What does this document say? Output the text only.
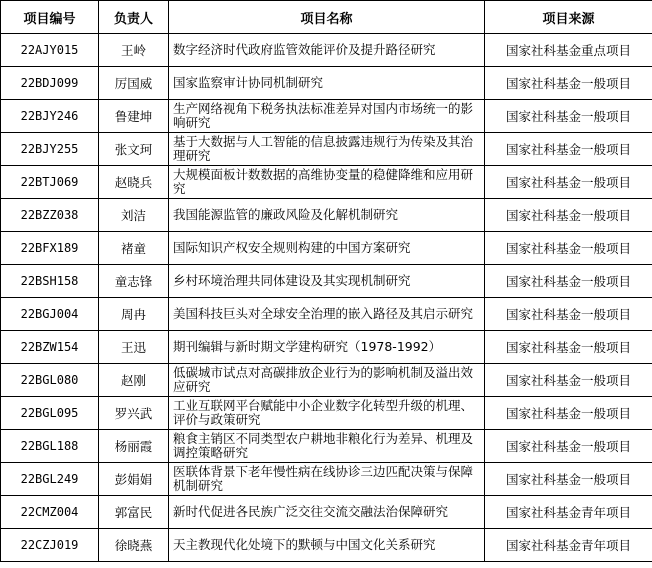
项目编号	负责人	项目名称	项目来源
22AJY015	王岭	数字经济时代政府监管效能评价及提升路径研究	国家社科基金重点项目
22BDJ099	厉国威	国家监察审计协同机制研究	国家社科基金一般项目
22BJY246	鲁建坤	生产网络视角下税务执法标准差异对国内市场统一的影响研究	国家社科基金一般项目
22BJY255	张文珂	基于大数据与人工智能的信息披露违规行为传染及其治理研究	国家社科基金一般项目
22BTJ069	赵晓兵	大规模面板计数数据的高维协变量的稳健降维和应用研究	国家社科基金一般项目
22BZZ038	刘洁	我国能源监管的廉政风险及化解机制研究	国家社科基金一般项目
22BFX189	褚童	国际知识产权安全规则构建的中国方案研究	国家社科基金一般项目
22BSH158	童志锋	乡村环境治理共同体建设及其实现机制研究	国家社科基金一般项目
22BGJ004	周冉	美国科技巨头对全球安全治理的嵌入路径及其启示研究	国家社科基金一般项目
22BZW154	王迅	期刊编辑与新时期文学建构研究（1978-1992）	国家社科基金一般项目
22BGL080	赵刚	低碳城市试点对高碳排放企业行为的影响机制及溢出效应研究	国家社科基金一般项目
22BGL095	罗兴武	工业互联网平台赋能中小企业数字化转型升级的机理、评价与政策研究	国家社科基金一般项目
22BGL188	杨丽霞	粮食主销区不同类型农户耕地非粮化行为差异、机理及调控策略研究	国家社科基金一般项目
22BGL249	彭娟娟	医联体背景下老年慢性病在线协诊三边匹配决策与保障机制研究	国家社科基金一般项目
22CMZ004	郭富民	新时代促进各民族广泛交往交流交融法治保障研究	国家社科基金青年项目
22CZJ019	徐晓燕	天主教现代化处境下的默顿与中国文化关系研究	国家社科基金青年项目
